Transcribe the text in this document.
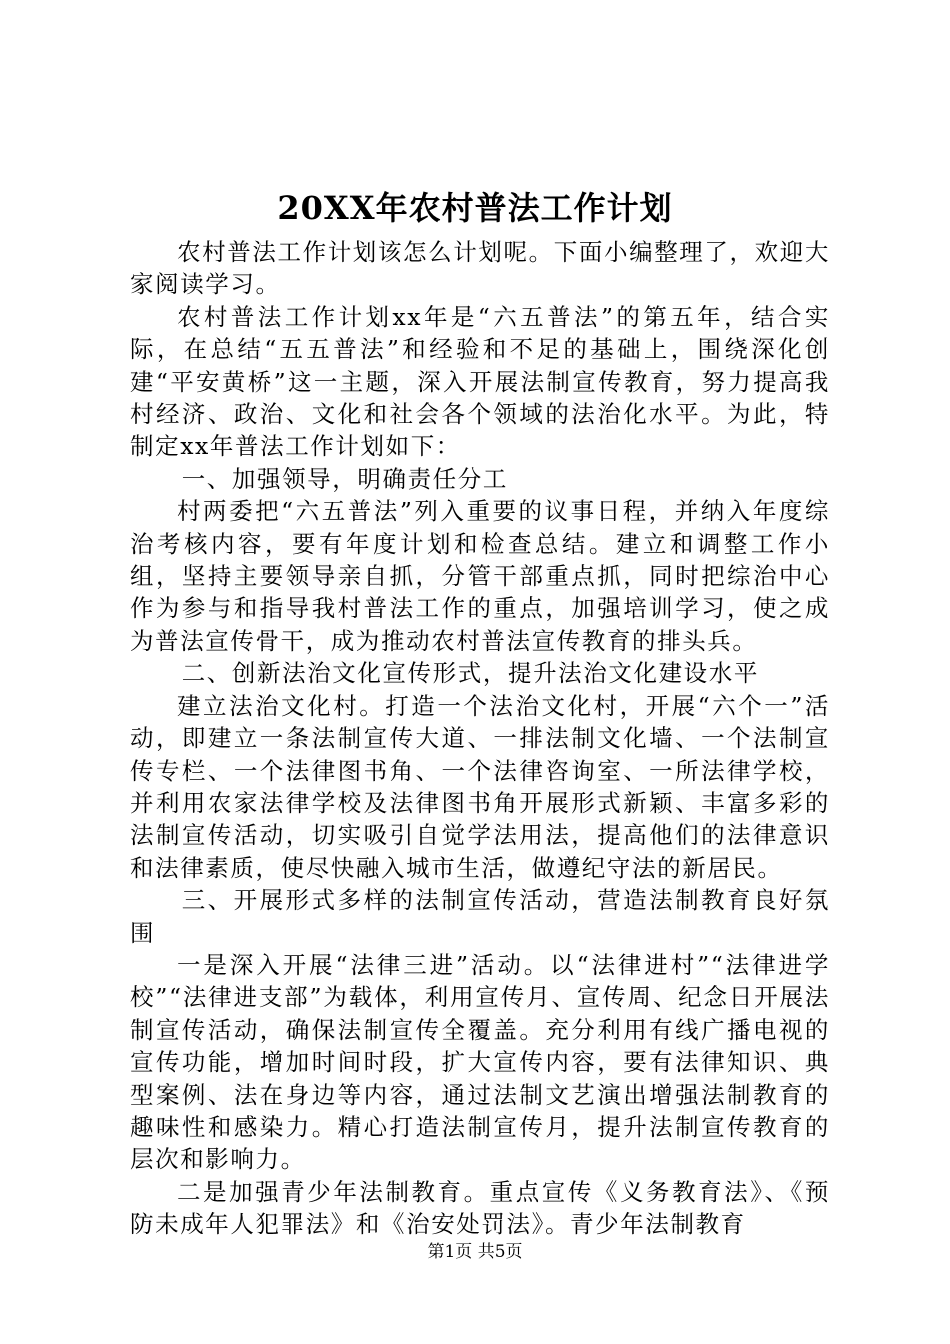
20XX年农村普法工作计划

农村普法工作计划该怎么计划呢。下面小编整理了，欢迎大家阅读学习。

农村普法工作计划xx年是“六五普法”的第五年，结合实际，在总结“五五普法”和经验和不足的基础上，围绕深化创建“平安黄桥”这一主题，深入开展法制宣传教育，努力提高我村经济、政治、文化和社会各个领域的法治化水平。为此，特制定xx年普法工作计划如下：

一、加强领导，明确责任分工

村两委把“六五普法”列入重要的议事日程，并纳入年度综治考核内容，要有年度计划和检查总结。建立和调整工作小组，坚持主要领导亲自抓，分管干部重点抓，同时把综治中心作为参与和指导我村普法工作的重点，加强培训学习，使之成为普法宣传骨干，成为推动农村普法宣传教育的排头兵。

二、创新法治文化宣传形式，提升法治文化建设水平

建立法治文化村。打造一个法治文化村，开展“六个一”活动，即建立一条法制宣传大道、一排法制文化墙、一个法制宣传专栏、一个法律图书角、一个法律咨询室、一所法律学校，并利用农家法律学校及法律图书角开展形式新颖、丰富多彩的法制宣传活动，切实吸引自觉学法用法，提高他们的法律意识和法律素质，使尽快融入城市生活，做遵纪守法的新居民。

三、开展形式多样的法制宣传活动，营造法制教育良好氛围

一是深入开展“法律三进”活动。以“法律进村”“法律进学校”“法律进支部”为载体，利用宣传月、宣传周、纪念日开展法制宣传活动，确保法制宣传全覆盖。充分利用有线广播电视的宣传功能，增加时间时段，扩大宣传内容，要有法律知识、典型案例、法在身边等内容，通过法制文艺演出增强法制教育的趣味性和感染力。精心打造法制宣传月，提升法制宣传教育的层次和影响力。

二是加强青少年法制教育。重点宣传《义务教育法》、《预防未成年人犯罪法》和《治安处罚法》。青少年法制教育

第1页 共5页
